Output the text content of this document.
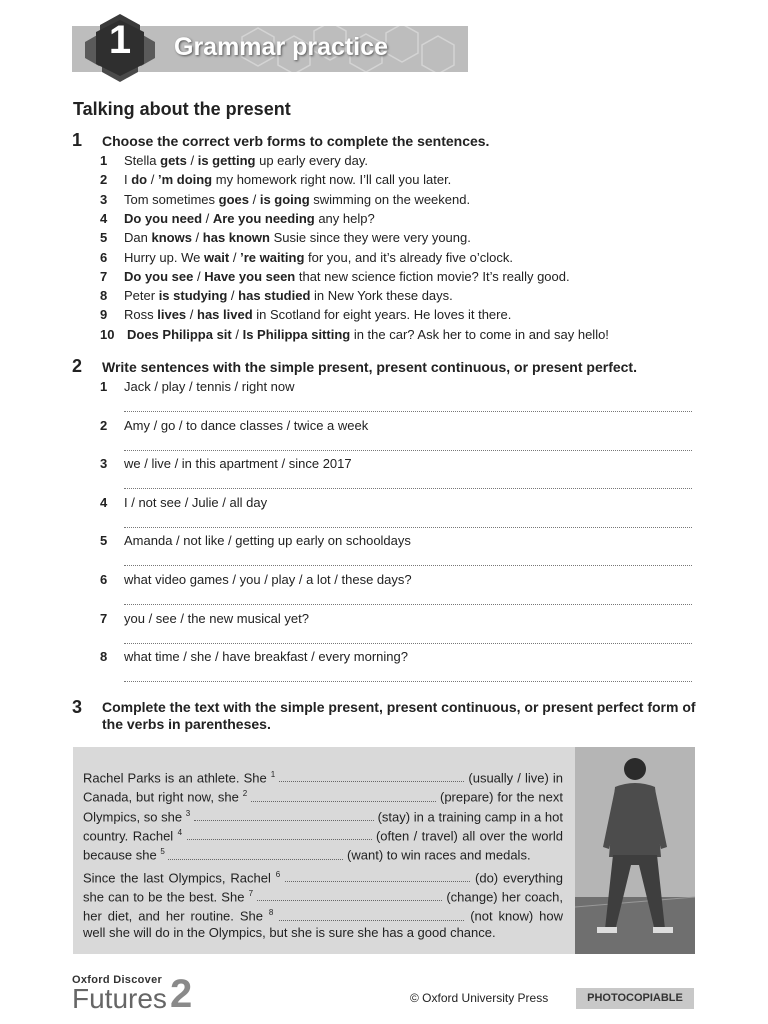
Grammar practice
1
Talking about the present
1 Choose the correct verb forms to complete the sentences.
1 Stella gets / is getting up early every day.
2 I do / ’m doing my homework right now. I’ll call you later.
3 Tom sometimes goes / is going swimming on the weekend.
4 Do you need / Are you needing any help?
5 Dan knows / has known Susie since they were very young.
6 Hurry up. We wait / ’re waiting for you, and it’s already five o’clock.
7 Do you see / Have you seen that new science fiction movie? It’s really good.
8 Peter is studying / has studied in New York these days.
9 Ross lives / has lived in Scotland for eight years. He loves it there.
10 Does Philippa sit / Is Philippa sitting in the car? Ask her to come in and say hello!
2 Write sentences with the simple present, present continuous, or present perfect.
1 Jack / play / tennis / right now
2 Amy / go / to dance classes / twice a week
3 we / live / in this apartment / since 2017
4 I / not see / Julie / all day
5 Amanda / not like / getting up early on schooldays
6 what video games / you / play / a lot / these days?
7 you / see / the new musical yet?
8 what time / she / have breakfast / every morning?
3 Complete the text with the simple present, present continuous, or present perfect form of the verbs in parentheses.

Rachel Parks is an athlete. She $^1$	(usually / live) in Canada, but right now, she $^2$	(prepare) for the next Olympics, so she $^3$	(stay) in a training camp in a hot country. Rachel $^4$	(often / travel) all over the world because she $^5$	(want) to win races and medals.

Since the last Olympics, Rachel $^6$	(do) everything she can to be the best. She $^7$	(change) her coach, her diet, and her routine. She $^8$	(not know) how well she will do in the Olympics, but she is sure she has a good chance.

Oxford Discover
Futures 2	© Oxford University Press	PHOTOCOPIABLE
